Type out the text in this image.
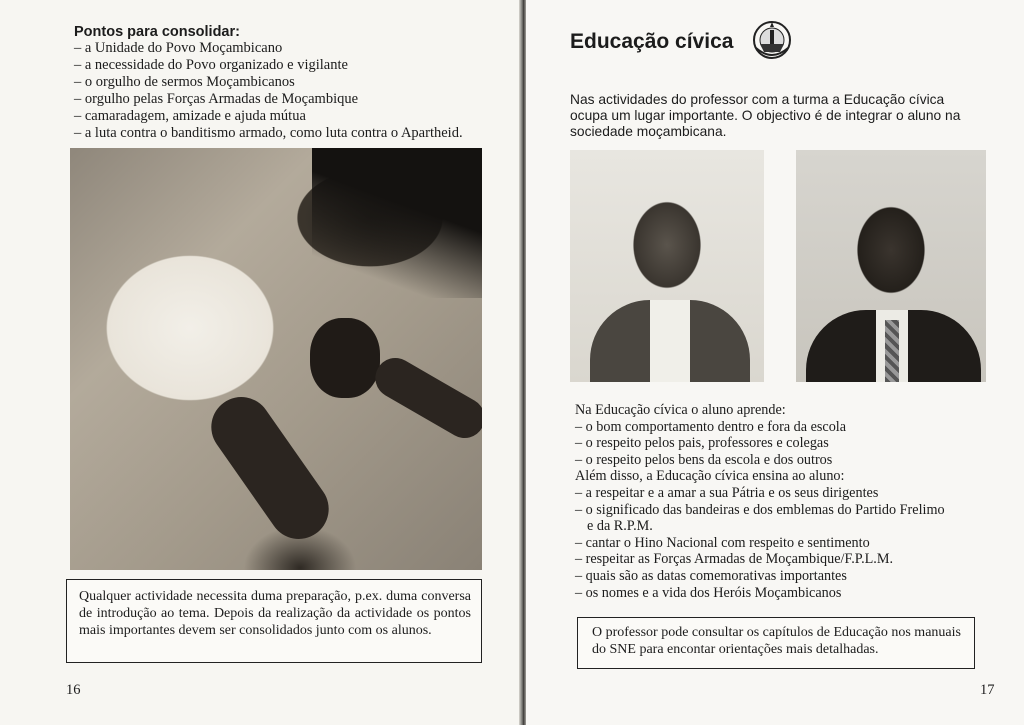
Pontos para consolidar:
– a Unidade do Povo Moçambicano
– a necessidade do Povo organizado e vigilante
– o orgulho de sermos Moçambicanos
– orgulho pelas Forças Armadas de Moçambique
– camaradagem, amizade e ajuda mútua
– a luta contra o banditismo armado, como luta contra o Apartheid.

Qualquer actividade necessita duma preparação, p.ex. duma conversa de introdução ao tema. Depois da realização da actividade os pontos mais importantes devem ser consolidados junto com os alunos.

16
Educação cívica

Nas actividades do professor com a turma a Educação cívica ocupa um lugar importante. O objectivo é de integrar o aluno na sociedade moçambicana.

Na Educação cívica o aluno aprende:
– o bom comportamento dentro e fora da escola
– o respeito pelos pais, professores e colegas
– o respeito pelos bens da escola e dos outros
Além disso, a Educação cívica ensina ao aluno:
– a respeitar e a amar a sua Pátria e os seus dirigentes
– o significado das bandeiras e dos emblemas do Partido Frelimo
e da R.P.M.
– cantar o Hino Nacional com respeito e sentimento
– respeitar as Forças Armadas de Moçambique/F.P.L.M.
– quais são as datas comemorativas importantes
– os nomes e a vida dos Heróis Moçambicanos

O professor pode consultar os capítulos de Educação nos manuais do SNE para encontar orientações mais detalhadas.

17
